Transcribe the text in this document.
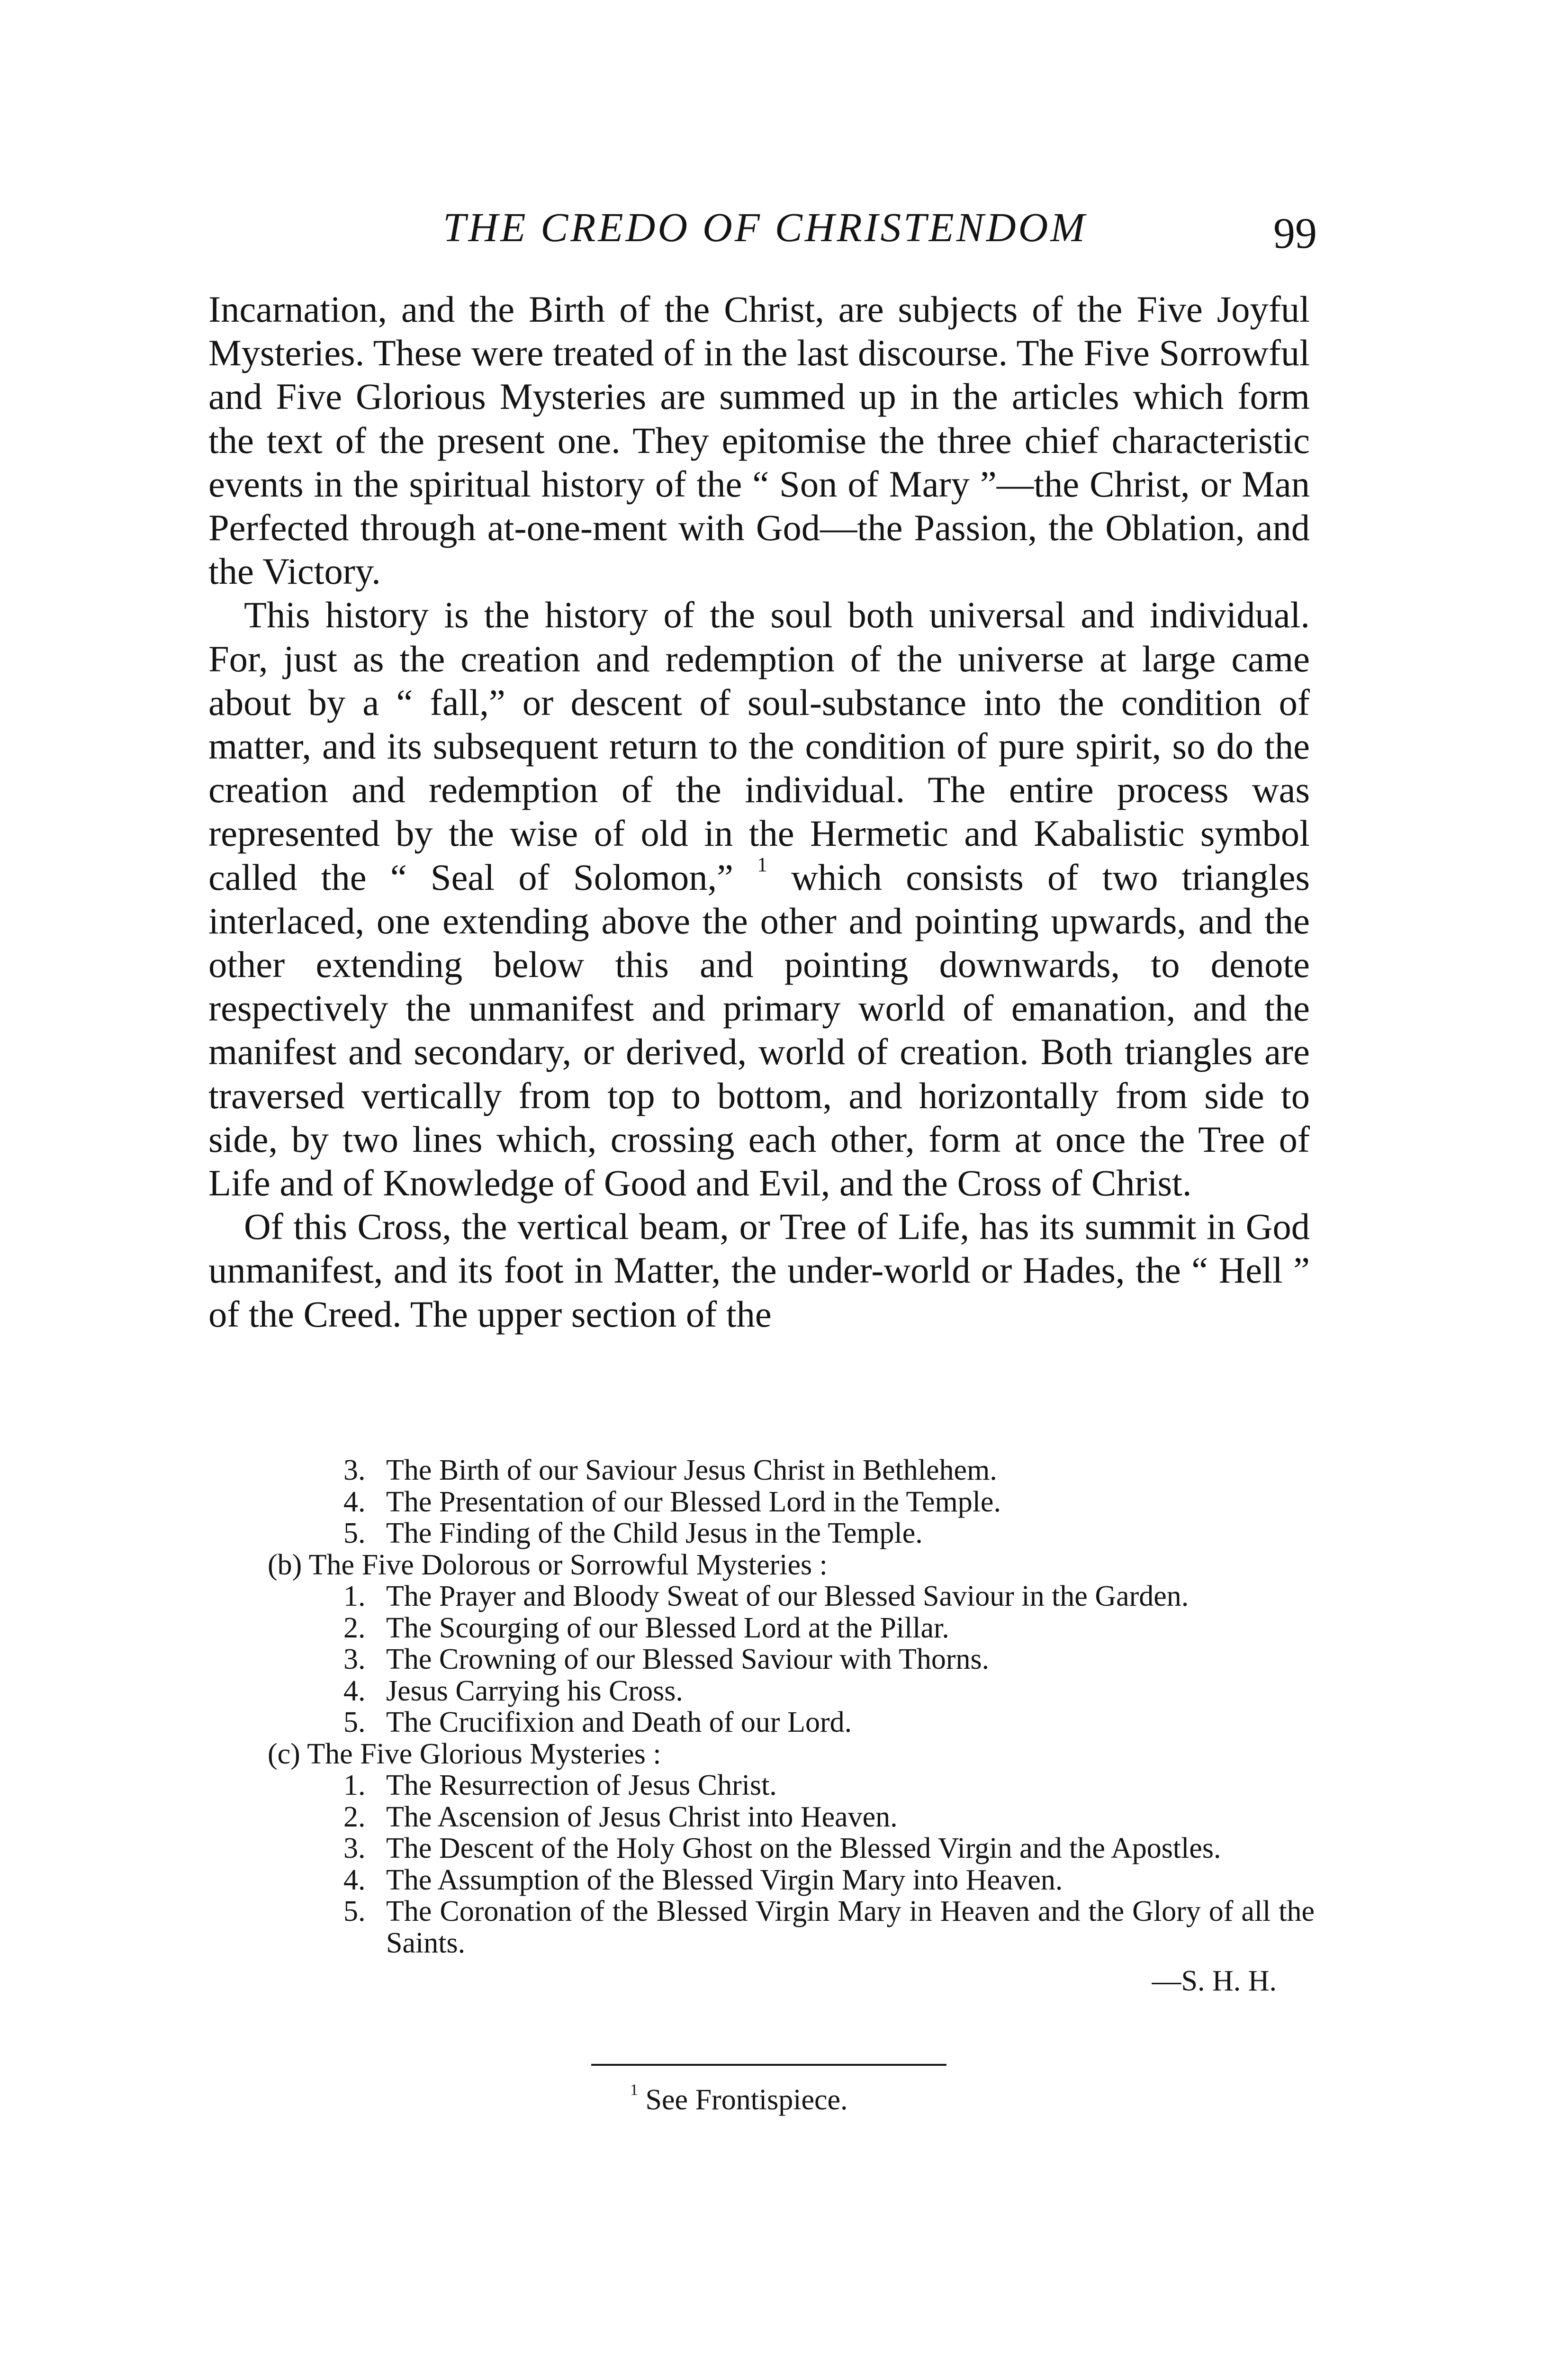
THE CREDO OF CHRISTENDOM	99

Incarnation, and the Birth of the Christ, are subjects of the Five Joyful Mysteries. These were treated of in the last discourse. The Five Sorrowful and Five Glorious Mysteries are summed up in the articles which form the text of the present one. They epitomise the three chief characteristic events in the spiritual history of the “ Son of Mary ”—the Christ, or Man Perfected through at-one-ment with God—the Passion, the Oblation, and the Victory.

This history is the history of the soul both universal and individual. For, just as the creation and redemption of the universe at large came about by a “ fall,” or descent of soul-substance into the condition of matter, and its subsequent return to the condition of pure spirit, so do the creation and redemption of the individual. The entire process was represented by the wise of old in the Hermetic and Kabalistic symbol called the “ Seal of Solomon,” $^1$ which consists of two triangles interlaced, one extending above the other and pointing upwards, and the other extending below this and pointing downwards, to denote respectively the unmanifest and primary world of emanation, and the manifest and secondary, or derived, world of creation. Both triangles are traversed vertically from top to bottom, and horizontally from side to side, by two lines which, crossing each other, form at once the Tree of Life and of Knowledge of Good and Evil, and the Cross of Christ.

Of this Cross, the vertical beam, or Tree of Life, has its summit in God unmanifest, and its foot in Matter, the under-world or Hades, the “ Hell ” of the Creed. The upper section of the

3. The Birth of our Saviour Jesus Christ in Bethlehem.
4. The Presentation of our Blessed Lord in the Temple.
5. The Finding of the Child Jesus in the Temple.
(b) The Five Dolorous or Sorrowful Mysteries :
1. The Prayer and Bloody Sweat of our Blessed Saviour in the Garden.
2. The Scourging of our Blessed Lord at the Pillar.
3. The Crowning of our Blessed Saviour with Thorns.
4. Jesus Carrying his Cross.
5. The Crucifixion and Death of our Lord.
(c) The Five Glorious Mysteries :
1. The Resurrection of Jesus Christ.
2. The Ascension of Jesus Christ into Heaven.
3. The Descent of the Holy Ghost on the Blessed Virgin and the Apostles.
4. The Assumption of the Blessed Virgin Mary into Heaven.
5. The Coronation of the Blessed Virgin Mary in Heaven and the Glory of all the Saints.
—S. H. H.
$^1$ See Frontispiece.
